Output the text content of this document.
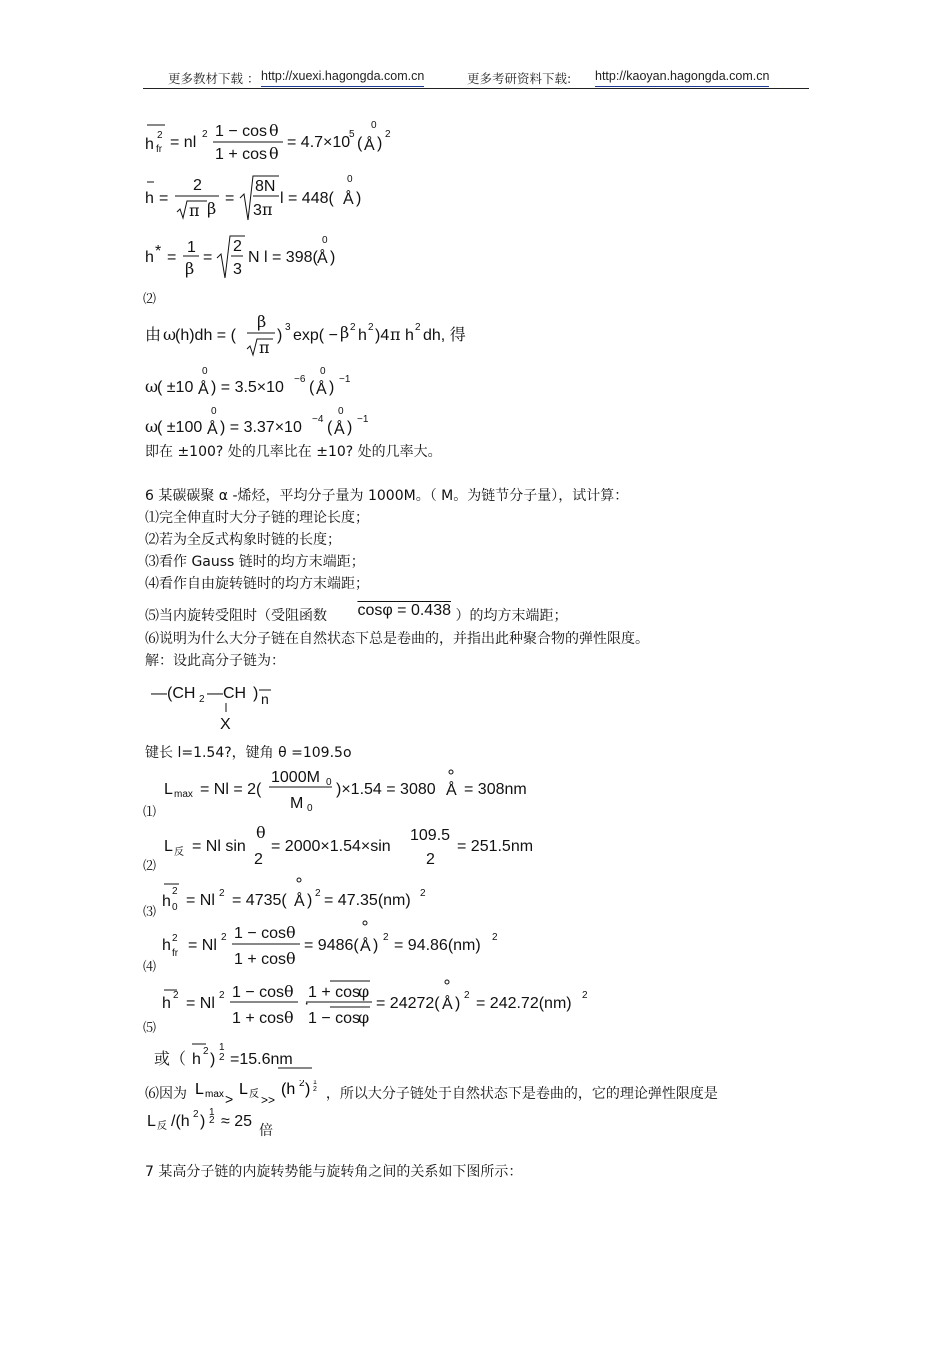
更多教材下载 ： http://xuexi.hagongda.com.cn	更多考研资料下载: http://kaoyan.hagongda.com.cn
h
2
fr = nl 2 1 − cos θ
1 + cos θ
= 4.7×10
5
( Å )
0
2
h =
2
π β
=
8N
3 π
l = 448( Å )
0
h * =
1
β
=
2
3
N l = 398( Å )
0
⑵
由 ω
(h)dh = (
β
π
) 3 exp( − β 2 h 2 )4 π h 2 dh, 得
ω
( ±10 Å ) = 3.5×10
0
−6 ( Å )
0
−1
ω
( ±100 Å ) = 3.37×10
0
−4 ( Å )
0
−1
即在 ±100? 处的几率比在 ±10? 处的几率大。
6 某碳碳聚 α -烯烃，平均分子量为 1000M。（ M。为链节分子量），试计算：
⑴完全伸直时大分子链的理论长度；
⑵若为全反式构象时链的长度；
⑶看作 Gauss 链时的均方末端距；
⑷看作自由旋转链时的均方末端距；
⑸当内旋转受阻时（受阻函数 cosφ = 0.438 ）的均方末端距；
⑹说明为什么大分子链在自然状态下总是卷曲的，并指出此种聚合物的弹性限度。
解：设此高分子链为：
—(CH 2 —CH ) n
X
键长 l=1.54?，键角 θ =109.5o
⑴
L max = Nl = 2(
1000M 0
M 0
)×1.54 = 3080 Å = 308nm
⑵
L 反 = Nl sin
θ
2
= 2000×1.54×sin
109.5
2
= 251.5nm
⑶
h
2
0 = Nl 2 = 4735( Å ) 2 = 47.35(nm) 2
⑷
h 2
fr = Nl 2 1 − cos θ
1 + cos θ
= 9486( Å ) 2 = 94.86(nm) 2
⑸
h 2 = Nl 2 1 − cos θ
1 + cos θ
·
1 + cos
φ
1 − cos
φ
= 24272( Å ) 2 = 242.72(nm) 2
或（ h 2 )
1
2 =15.6nm
⑹因为 L max >
L 反 >>
(h 2 ) 1
2 ，所以大分子链处于自然状态下是卷曲的，它的理论弹性限度是
L 反 /(h 2 )
1
2 ≈ 25
倍
7 某高分子链的内旋转势能与旋转角之间的关系如下图所示：
